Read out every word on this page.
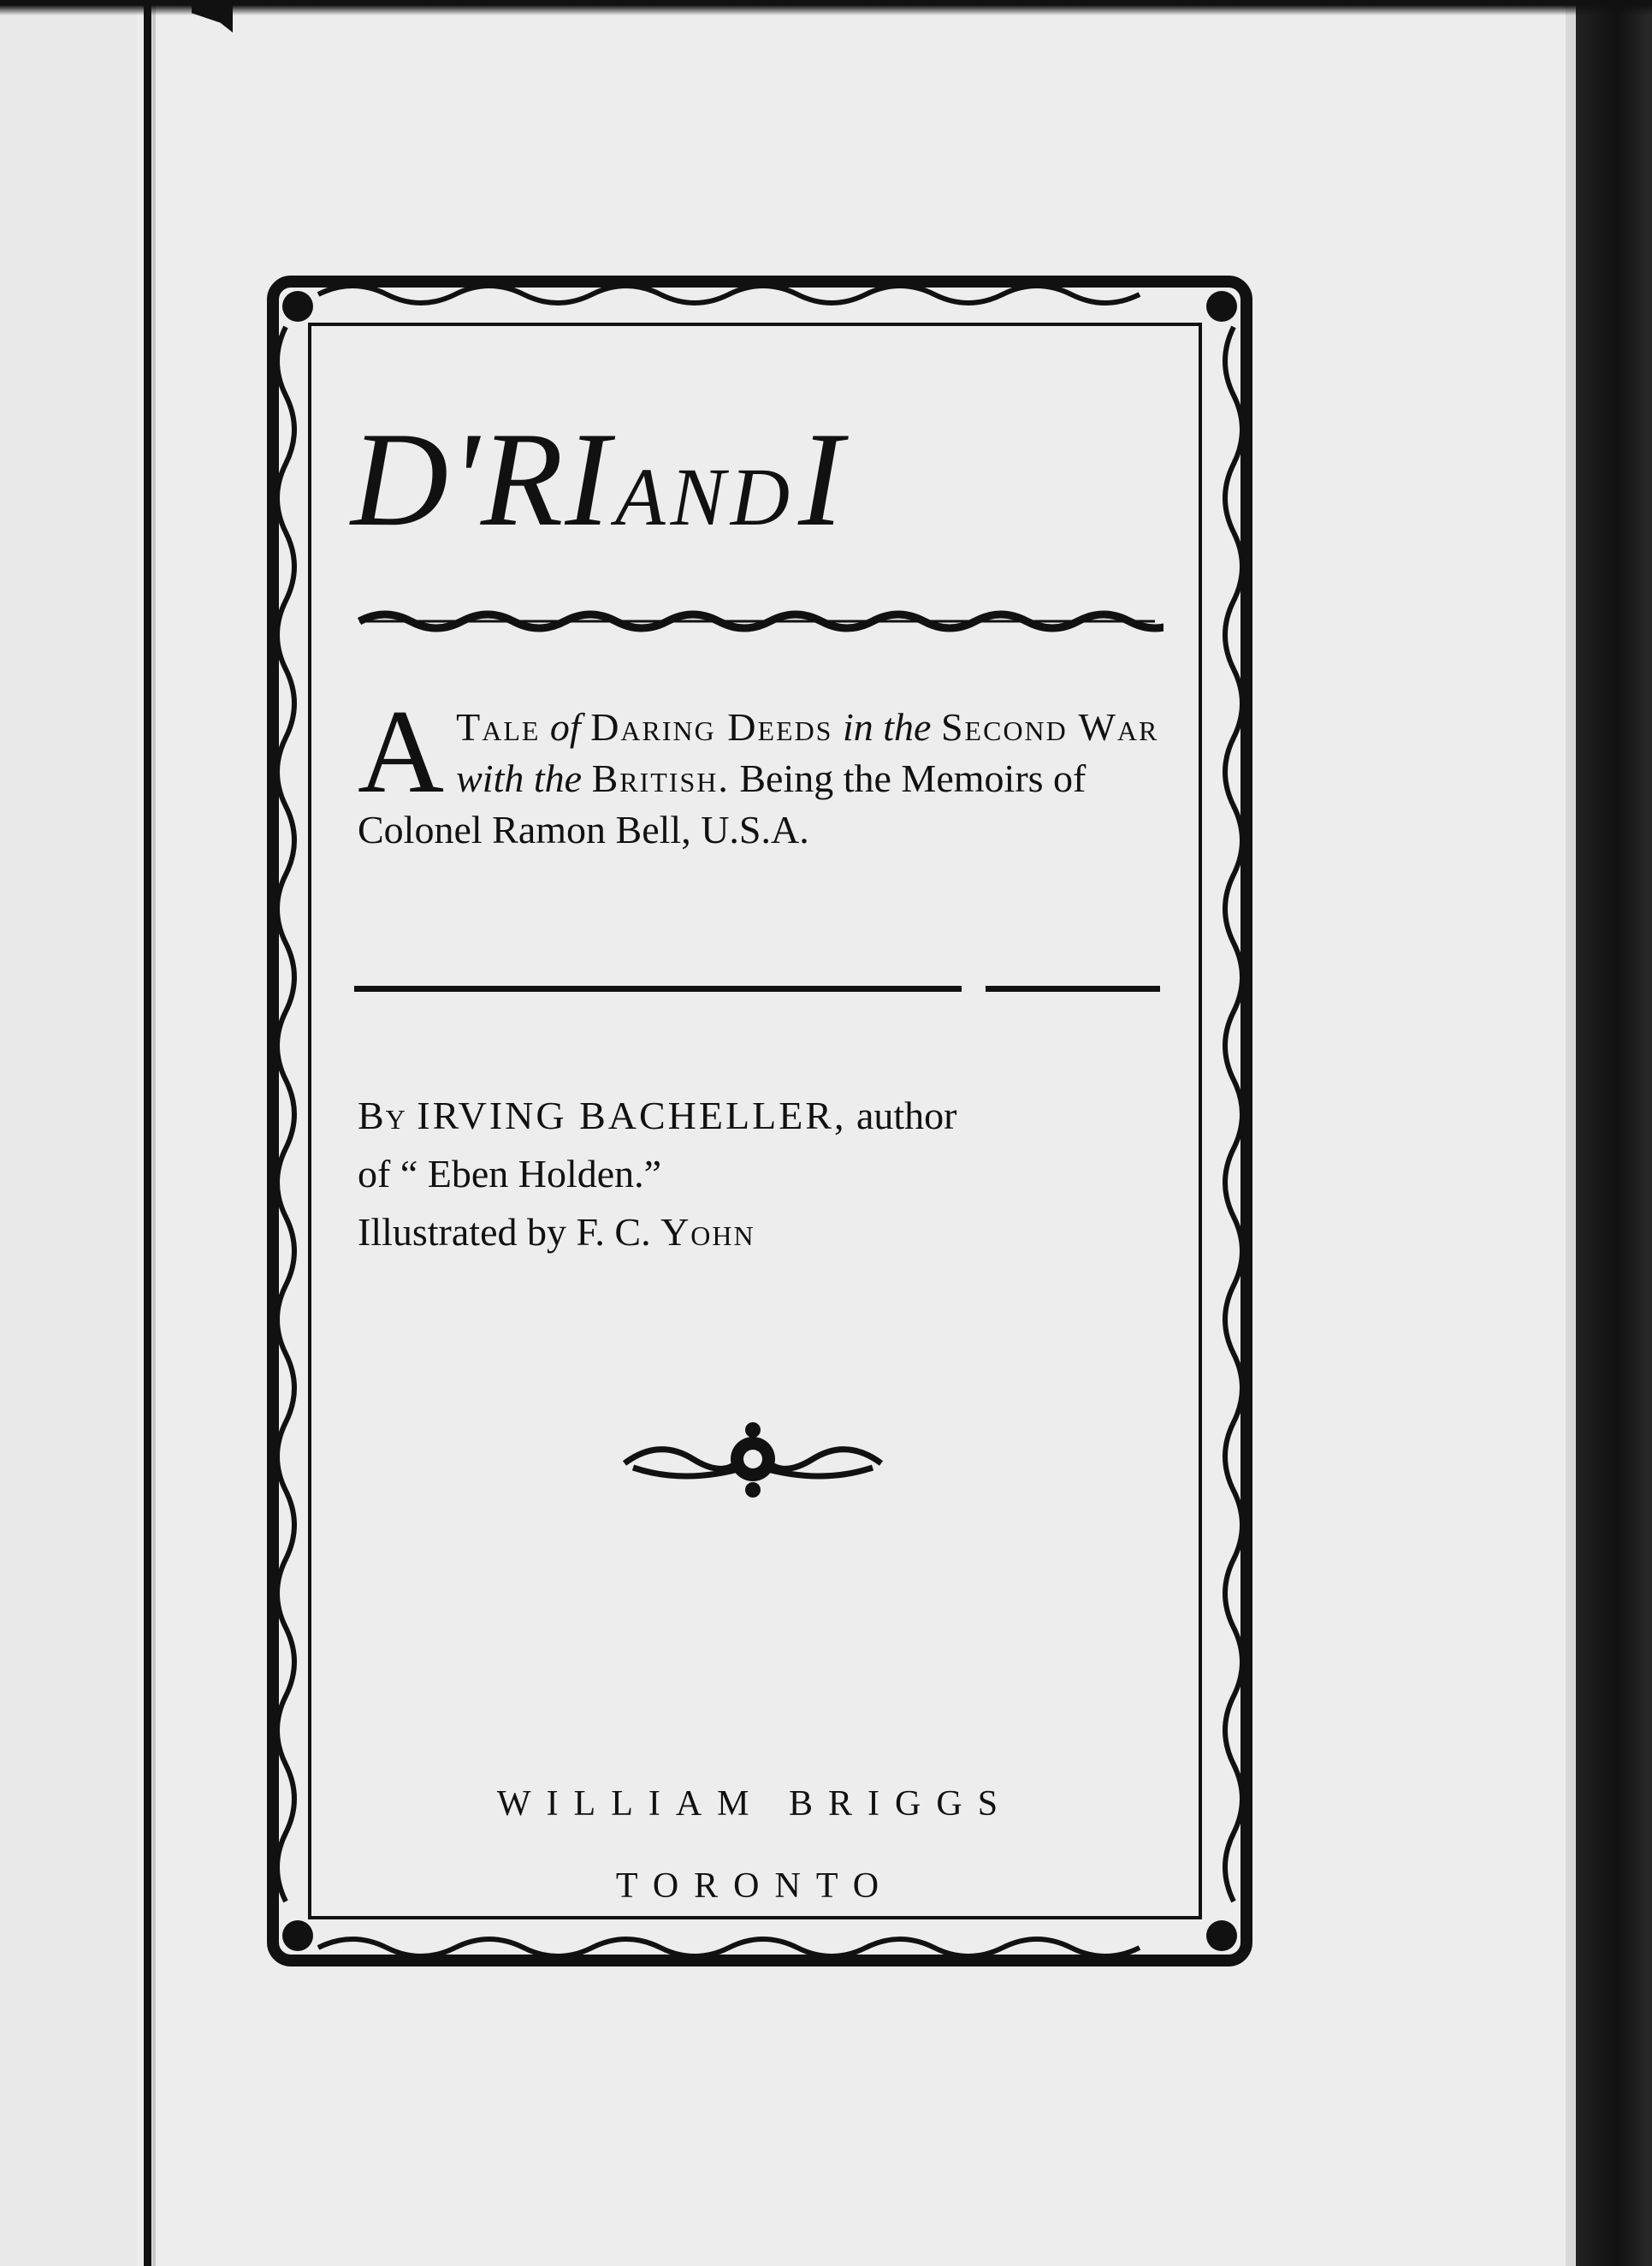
D'RI AND I
A Tale of Daring Deeds in the Second War with the British. Being the Memoirs of Colonel Ramon Bell, U.S.A.
By IRVING BACHELLER, author
of “ Eben Holden.”
Illustrated by F. C. Yohn
WILLIAM BRIGGS
TORONTO
